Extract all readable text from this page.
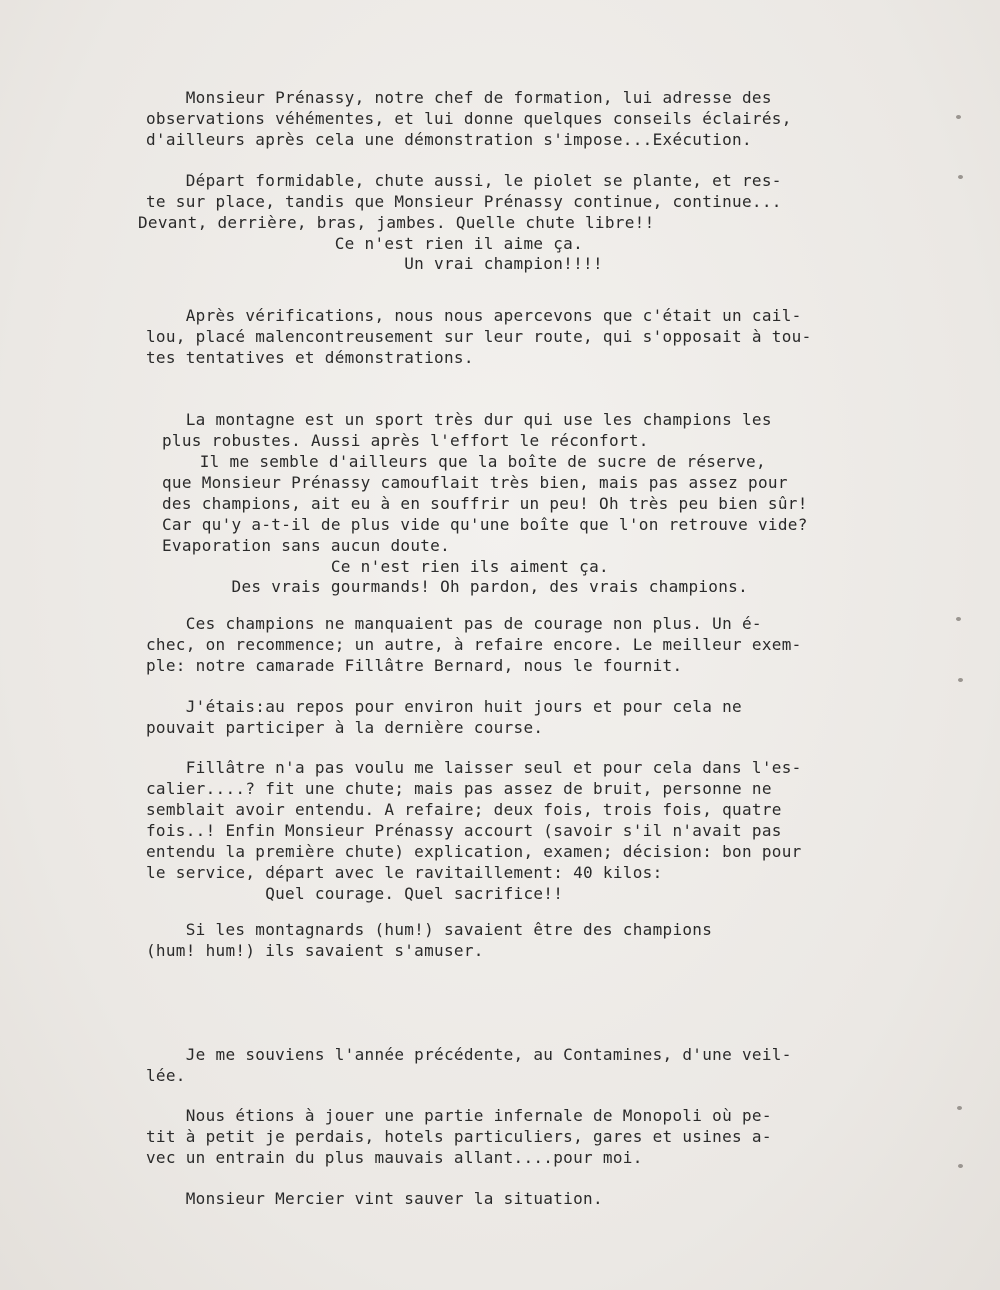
Monsieur Prénassy, notre chef de formation, lui adresse des
observations véhémentes, et lui donne quelques conseils éclairés,
d'ailleurs après cela une démonstration s'impose...Exécution.
Départ formidable, chute aussi, le piolet se plante, et res-
te sur place, tandis que Monsieur Prénassy continue, continue...
Devant, derrière, bras, jambes. Quelle chute libre!!
Ce n'est rien il aime ça.
Un vrai champion!!!!
Après vérifications, nous nous apercevons que c'était un cail-
lou, placé malencontreusement sur leur route, qui s'opposait à tou-
tes tentatives et démonstrations.
La montagne est un sport très dur qui use les champions les
plus robustes. Aussi après l'effort le réconfort.
Il me semble d'ailleurs que la boîte de sucre de réserve,
que Monsieur Prénassy camouflait très bien, mais pas assez pour
des champions, ait eu à en souffrir un peu! Oh très peu bien sûr!
Car qu'y a-t-il de plus vide qu'une boîte que l'on retrouve vide?
Evaporation sans aucun doute.
Ce n'est rien ils aiment ça.
Des vrais gourmands! Oh pardon, des vrais champions.
Ces champions ne manquaient pas de courage non plus. Un é-
chec, on recommence; un autre, à refaire encore. Le meilleur exem-
ple: notre camarade Fillâtre Bernard, nous le fournit.
J'étais:au repos pour environ huit jours et pour cela ne
pouvait participer à la dernière course.
Fillâtre n'a pas voulu me laisser seul et pour cela dans l'es-
calier....? fit une chute; mais pas assez de bruit, personne ne
semblait avoir entendu. A refaire; deux fois, trois fois, quatre
fois..! Enfin Monsieur Prénassy accourt (savoir s'il n'avait pas
entendu la première chute) explication, examen; décision: bon pour
le service, départ avec le ravitaillement: 40 kilos:
Quel courage. Quel sacrifice!!
Si les montagnards (hum!) savaient être des champions
(hum! hum!) ils savaient s'amuser.
Je me souviens l'année précédente, au Contamines, d'une veil-
lée.
Nous étions à jouer une partie infernale de Monopoli où pe-
tit à petit je perdais, hotels particuliers, gares et usines a-
vec un entrain du plus mauvais allant....pour moi.
Monsieur Mercier vint sauver la situation.
